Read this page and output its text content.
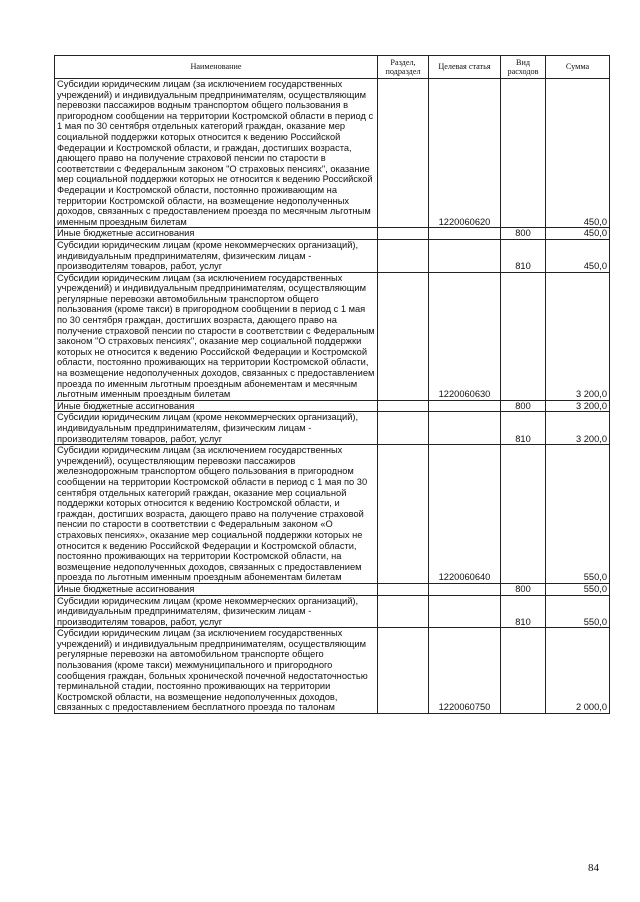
Наименование	Раздел, подраздел	Целевая статья	Вид расходов	Сумма
Субсидии юридическим лицам (за исключением государственных учреждений) и индивидуальным предпринимателям, осуществляющим перевозки пассажиров водным транспортом общего пользования в пригородном сообщении на территории Костромской области в период с 1 мая по 30 сентября отдельных категорий граждан, оказание мер социальной поддержки которых относится к ведению Российской Федерации и Костромской области, и граждан, достигших возраста, дающего право на получение страховой пенсии по старости в соответствии с Федеральным законом "О страховых пенсиях", оказание мер социальной поддержки которых не относится к ведению Российской Федерации и Костромской области, постоянно проживающим на территории Костромской области, на возмещение недополученных доходов, связанных с предоставлением проезда по месячным льготным именным проездным билетам		1220060620		450,0
Иные бюджетные ассигнования			800	450,0
Субсидии юридическим лицам (кроме некоммерческих организаций), индивидуальным предпринимателям, физическим лицам - производителям товаров, работ, услуг			810	450,0
Субсидии юридическим лицам (за исключением государственных учреждений) и индивидуальным предпринимателям, осуществляющим регулярные перевозки автомобильным транспортом общего пользования (кроме такси) в пригородном сообщении в период с 1 мая по 30 сентября граждан, достигших возраста, дающего право на получение страховой пенсии по старости в соответствии с Федеральным законом "О страховых пенсиях", оказание мер социальной поддержки которых не относится к ведению Российской Федерации и Костромской области, постоянно проживающих на территории Костромской области, на возмещение недополученных доходов, связанных с предоставлением проезда по именным льготным проездным абонементам и месячным льготным именным проездным билетам		1220060630		3 200,0
Иные бюджетные ассигнования			800	3 200,0
Субсидии юридическим лицам (кроме некоммерческих организаций), индивидуальным предпринимателям, физическим лицам - производителям товаров, работ, услуг			810	3 200,0
Субсидии юридическим лицам (за исключением государственных учреждений), осуществляющим перевозки пассажиров железнодорожным транспортом общего пользования в пригородном сообщении на территории Костромской области в период с 1 мая по 30 сентября отдельных категорий граждан, оказание мер социальной поддержки которых относится к ведению Костромской области, и граждан, достигших возраста, дающего право на получение страховой пенсии по старости в соответствии с Федеральным законом «О страховых пенсиях», оказание мер социальной поддержки которых не относится к ведению Российской Федерации и Костромской области, постоянно проживающих на территории Костромской области, на возмещение недополученных доходов, связанных с предоставлением проезда по льготным именным проездным абонементам билетам		1220060640		550,0
Иные бюджетные ассигнования			800	550,0
Субсидии юридическим лицам (кроме некоммерческих организаций), индивидуальным предпринимателям, физическим лицам - производителям товаров, работ, услуг			810	550,0
Субсидии юридическим лицам (за исключением государственных учреждений) и индивидуальным предпринимателям, осуществляющим регулярные перевозки на автомобильном транспорте общего пользования (кроме такси) межмуниципального и пригородного сообщения граждан, больных хронической почечной недостаточностью терминальной стадии, постоянно проживающих на территории Костромской области, на возмещение недополученных доходов, связанных с предоставлением бесплатного проезда по талонам		1220060750		2 000,0
84
